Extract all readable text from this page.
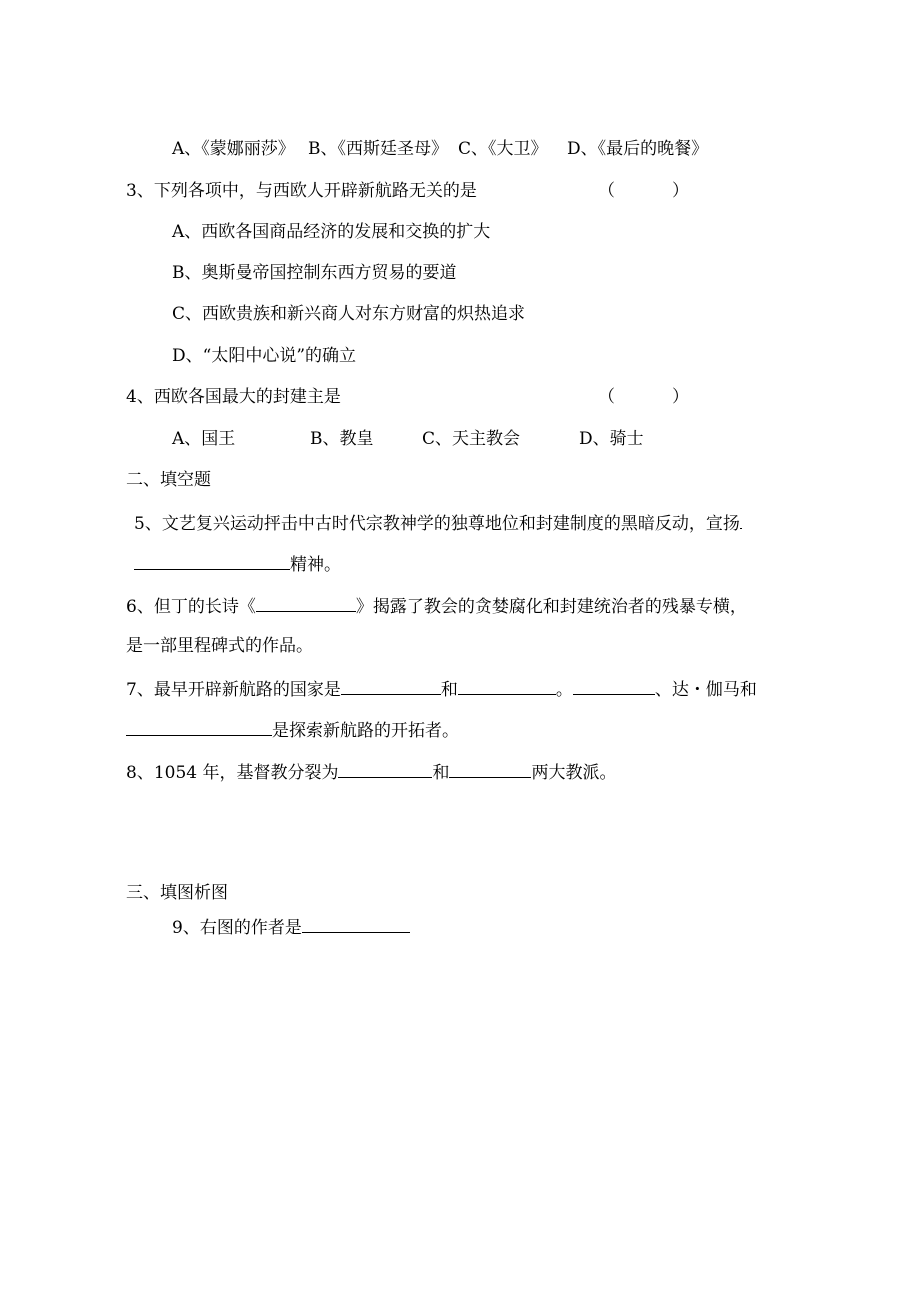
A、《蒙娜丽莎》 B、《西斯廷圣母》 C、《大卫》 D、《最后的晚餐》
3、下列各项中，与西欧人开辟新航路无关的是	（	）
A、西欧各国商品经济的发展和交换的扩大
B、奥斯曼帝国控制东西方贸易的要道
C、西欧贵族和新兴商人对东方财富的炽热追求
D、“太阳中心说”的确立
4、西欧各国最大的封建主是	（	）
A、国王	B、教皇	C、天主教会	D、骑士
二、填空题
5、文艺复兴运动抨击中古时代宗教神学的独尊地位和封建制度的黑暗反动，宣扬
精神。
6、但丁的长诗《	》揭露了教会的贪婪腐化和封建统治者的残暴专横，
是一部里程碑式的作品。
7、最早开辟新航路的国家是	和	。	、达・伽马和
是探索新航路的开拓者。
8、1054 年，基督教分裂为	和	两大教派。
三、填图析图
9、右图的作者是
